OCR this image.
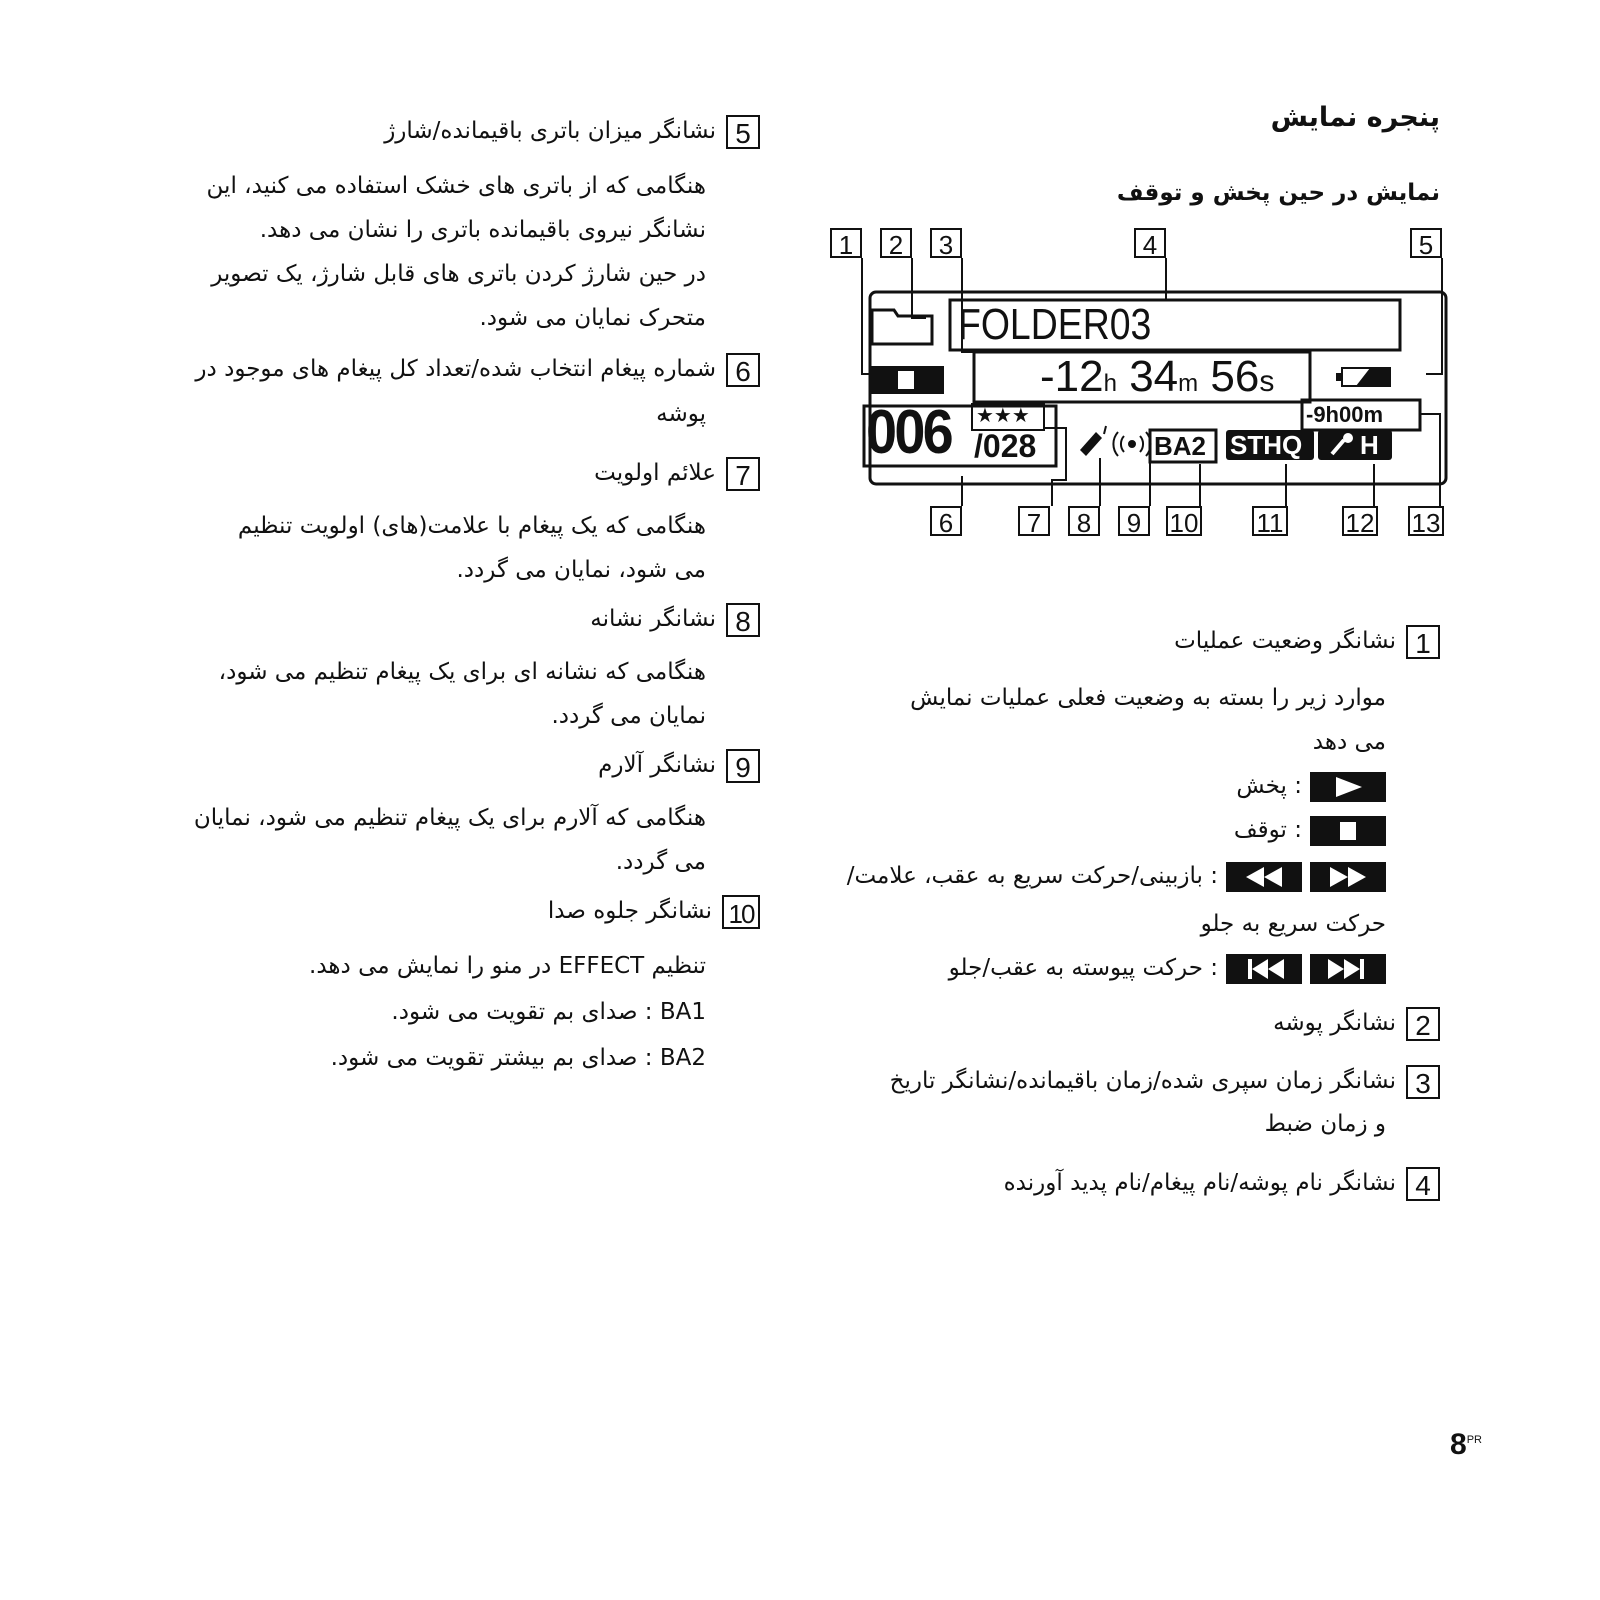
پنجره نمایش
نمایش در حین پخش و توقف
1	2	3	4	5
FOLDER03
-12h 34m 56s
-9h00m
006 /028
★★★
BA2 STHQ H
6	7	8	9	10 11 12 13
1نشانگر وضعیت عملیات
موارد زیر را بسته به وضعیت فعلی عملیات نمایش
می دهد
: پخش
: توقف
: بازبینی/حرکت سریع به عقب، علامت/
حرکت سریع به جلو
: حرکت پیوسته به عقب/جلو
2نشانگر پوشه
3نشانگر زمان سپری شده/زمان باقیمانده/نشانگر تاریخ
و زمان ضبط
4نشانگر نام پوشه/نام پیغام/نام پدید آورنده
5نشانگر میزان باتری باقیمانده/شارژ
هنگامی که از باتری های خشک استفاده می کنید، این
نشانگر نیروی باقیمانده باتری را نشان می دهد.
در حین شارژ کردن باتری های قابل شارژ، یک تصویر
متحرک نمایان می شود.
6شماره پیغام انتخاب شده/تعداد کل پیغام های موجود در
پوشه
7علائم اولویت
هنگامی که یک پیغام با علامت(های) اولویت تنظیم
می شود، نمایان می گردد.
8نشانگر نشانه
هنگامی که نشانه ای برای یک پیغام تنظیم می شود،
نمایان می گردد.
9نشانگر آلارم
هنگامی که آلارم برای یک پیغام تنظیم می شود، نمایان
می گردد.
10نشانگر جلوه صدا
تنظیم EFFECT در منو را نمایش می دهد.
BA1 : صدای بم تقویت می شود.
BA2 : صدای بم بیشتر تقویت می شود.
$8^{PR}$
